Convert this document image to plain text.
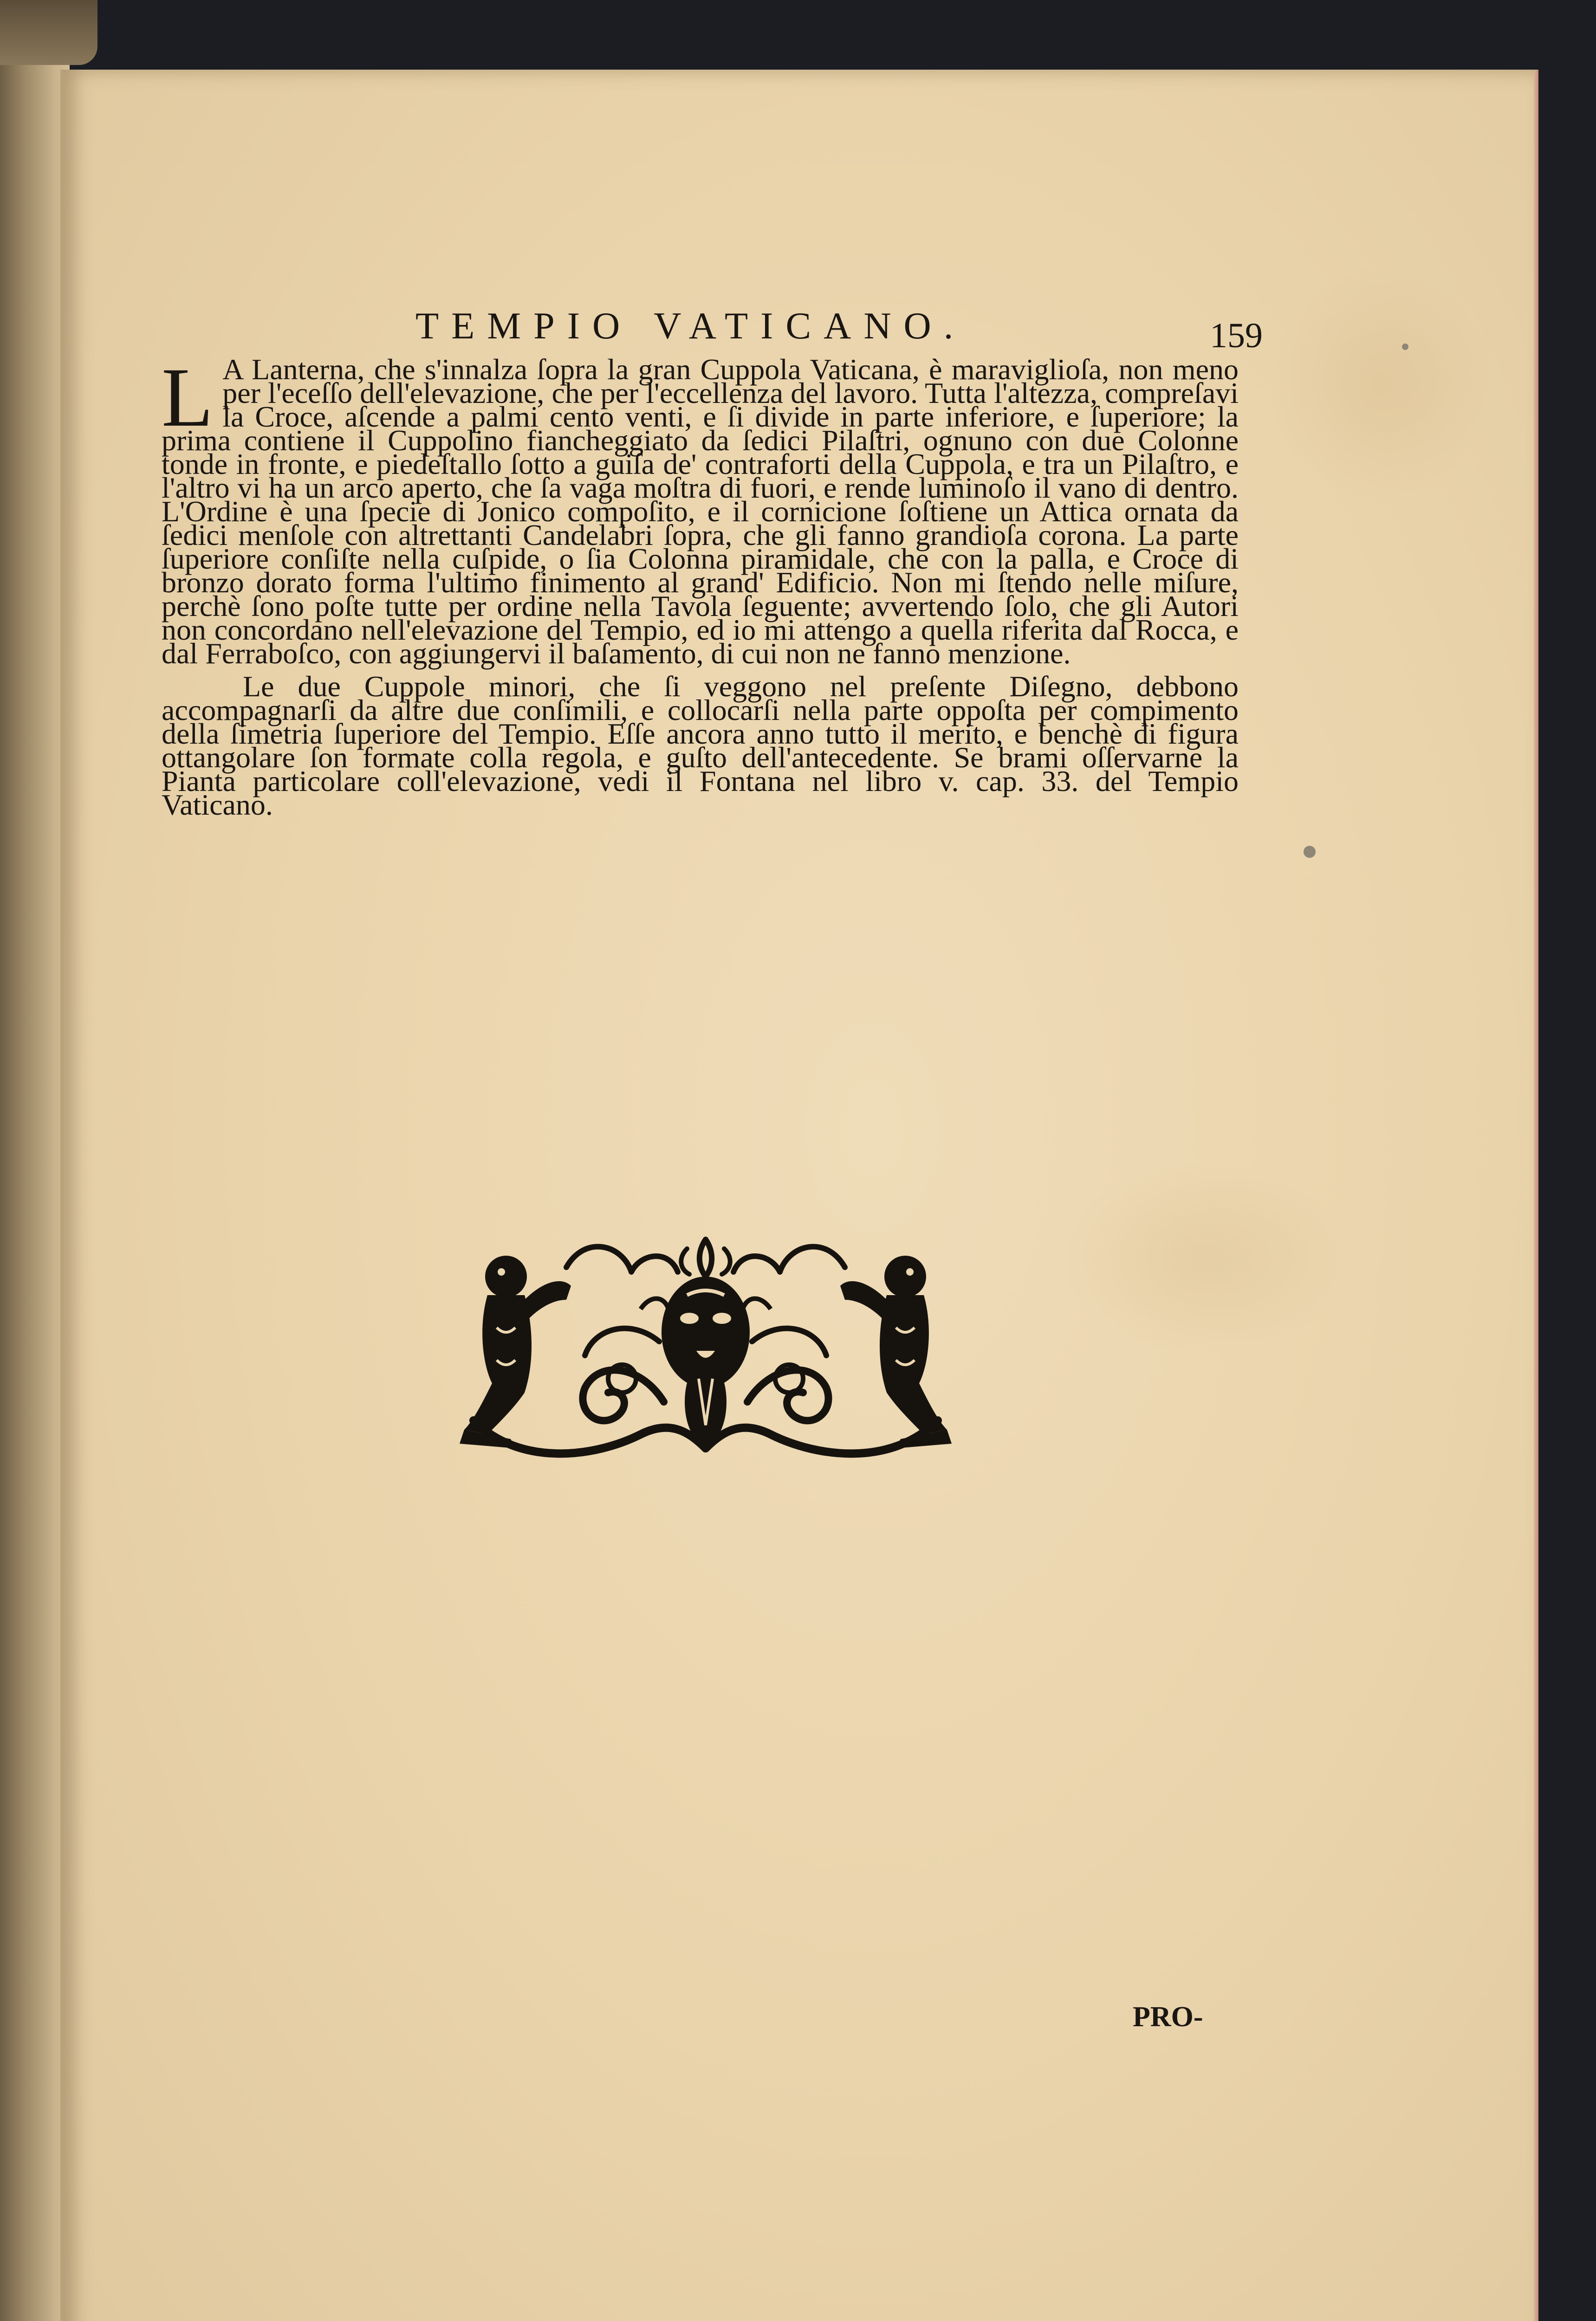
TEMPIO VATICANO.	159

L A Lanterna, che s'innalza ſopra la gran Cuppola Vaticana, è maraviglioſa, non meno per l'eceſſo dell'elevazione, che per l'eccellenza del lavoro. Tutta l'altezza, compreſavi la Croce, aſcende a palmi cento venti, e ſi divide in parte inferiore, e ſuperiore; la prima contiene il Cuppolino fiancheggiato da ſedici Pilaſtri, ognuno con due Colonne tonde in fronte, e piedeſtallo ſotto a guiſa de' contraforti della Cuppola, e tra un Pilaſtro, e l'altro vi ha un arco aperto, che ſa vaga moſtra di fuori, e rende luminoſo il vano di dentro. L'Ordine è una ſpecie di Jonico compoſito, e il cornicione ſoſtiene un Attica ornata da ſedici menſole con altrettanti Candelabri ſopra, che gli fanno grandioſa corona. La parte ſuperiore conſiſte nella cuſpide, o ſia Colonna piramidale, che con la palla, e Croce di bronzo dorato forma l'ultimo finimento al grand' Edificio. Non mi ſtendo nelle miſure, perchè ſono poſte tutte per ordine nella Tavola ſeguente; avvertendo ſolo, che gli Autori non concordano nell'elevazione del Tempio, ed io mi attengo a quella riferita dal Rocca, e dal Ferraboſco, con aggiungervi il baſamento, di cui non ne fanno menzione.

Le due Cuppole minori, che ſi veggono nel preſente Diſegno, debbono accompagnarſi da altre due conſimili, e collocarſi nella parte oppoſta per compimento della ſimetria ſuperiore del Tempio. Eſſe ancora anno tutto il merito, e benchè di figura ottangolare ſon formate colla regola, e guſto dell'antecedente. Se brami oſſervarne la Pianta particolare coll'elevazione, vedi il Fontana nel libro v. cap. 33. del Tempio Vaticano.

PRO-
